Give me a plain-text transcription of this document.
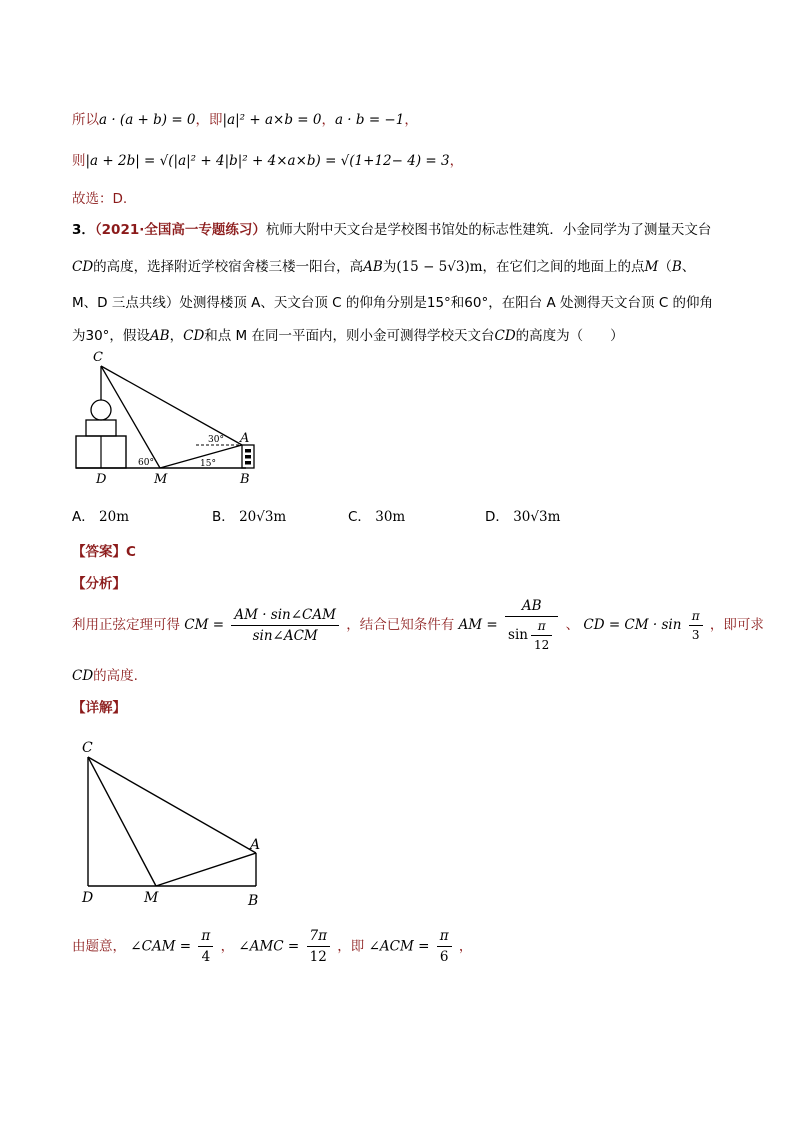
所以a · (a + b) = 0，即|a|² + a×b = 0，a · b = −1，
则|a + 2b| = √(|a|² + 4|b|² + 4×a×b) = √(1+12− 4) = 3，
故选：D.
3．（2021·全国高一专题练习）杭师大附中天文台是学校图书馆处的标志性建筑．小金同学为了测量天文台
CD的高度，选择附近学校宿舍楼三楼一阳台，高AB为(15 − 5√3)m，在它们之间的地面上的点M（B、
M、D 三点共线）处测得楼顶 A、天文台顶 C 的仰角分别是15°和60°，在阳台 A 处测得天文台顶 C 的仰角
为30°，假设AB，CD和点 M 在同一平面内，则小金可测得学校天文台CD的高度为（　　）
C
D	M	B
A
30°
60°	15°
A． 20m	B． 20√3m	C． 30m	D． 30√3m
【答案】C
【分析】
利用正弦定理可得 CM = $\frac{\text{AM · sin∠CAM}}{\text{sin∠ACM}}$ ，结合已知条件有 AM = $\frac{AB}{\sin \frac{\pi}{12}}$ 、 CD = CM · $\sin \frac{\pi}{3}$ ，即可求
CD的高度.
【详解】
C
D	M	B
A
由题意， ∠CAM = $\frac{\pi}{4}$ ， ∠AMC = $\frac{7\pi}{12}$ ，即 ∠ACM = $\frac{\pi}{6}$ ，
